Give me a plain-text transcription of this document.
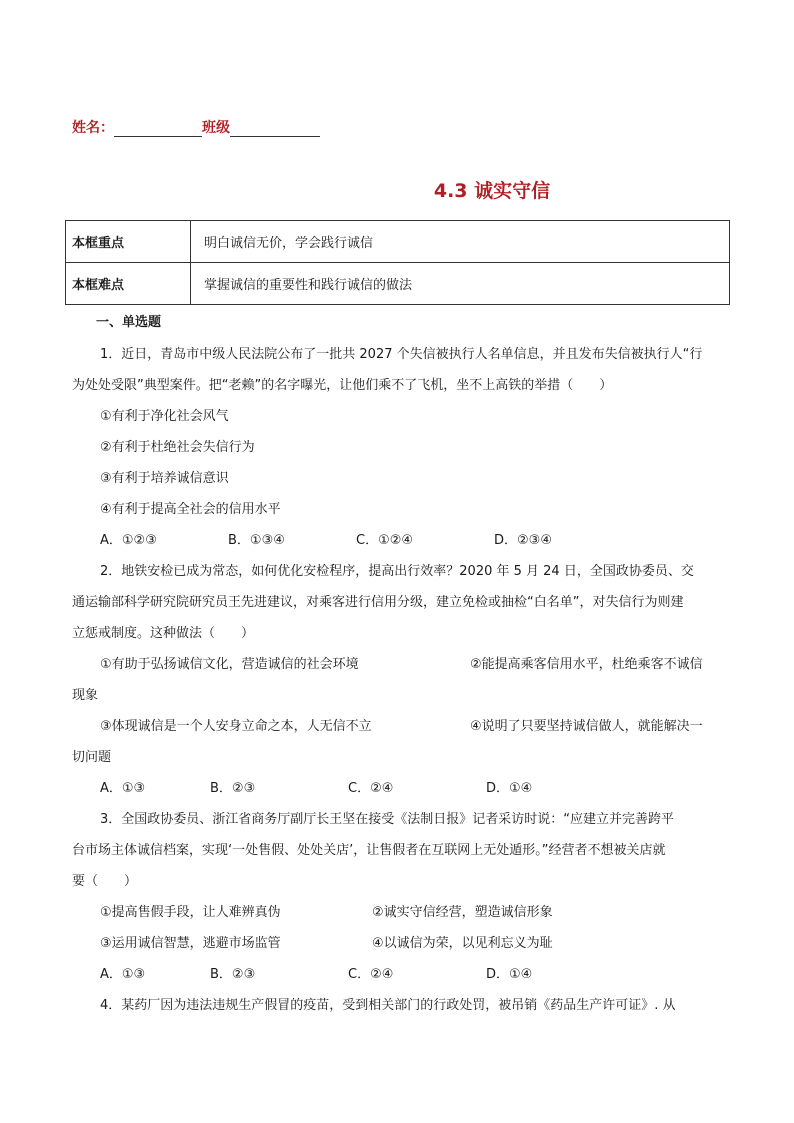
姓名：	班级
4.3 诚实守信
本框重点	明白诚信无价，学会践行诚信
本框难点	掌握诚信的重要性和践行诚信的做法

一、单选题

1．近日，青岛市中级人民法院公布了一批共 2027 个失信被执行人名单信息，并且发布失信被执行人“行

为处处受限”典型案件。把“老赖”的名字曝光，让他们乘不了飞机，坐不上高铁的举措（　　）

①有利于净化社会风气

②有利于杜绝社会失信行为

③有利于培养诚信意识

④有利于提高全社会的信用水平

A．①②③	B．①③④	C．①②④	D．②③④

2．地铁安检已成为常态，如何优化安检程序，提高出行效率？2020 年 5 月 24 日，全国政协委员、交

通运输部科学研究院研究员王先进建议，对乘客进行信用分级，建立免检或抽检“白名单”，对失信行为则建

立惩戒制度。这种做法（　　）

①有助于弘扬诚信文化，营造诚信的社会环境	②能提高乘客信用水平，杜绝乘客不诚信

现象

③体现诚信是一个人安身立命之本，人无信不立	④说明了只要坚持诚信做人，就能解决一

切问题

A．①③	B．②③	C．②④	D．①④

3．全国政协委员、浙江省商务厅副厅长王坚在接受《法制日报》记者采访时说：“应建立并完善跨平

台市场主体诚信档案，实现‘一处售假、处处关店’，让售假者在互联网上无处遁形。”经营者不想被关店就

要（　　）

①提高售假手段，让人难辨真伪	②诚实守信经营，塑造诚信形象
③运用诚信智慧，逃避市场监管	④以诚信为荣，以见利忘义为耻
A．①③	B．②③	C．②④	D．①④

4．某药厂因为违法违规生产假冒的疫苗，受到相关部门的行政处罚，被吊销《药品生产许可证》. 从
